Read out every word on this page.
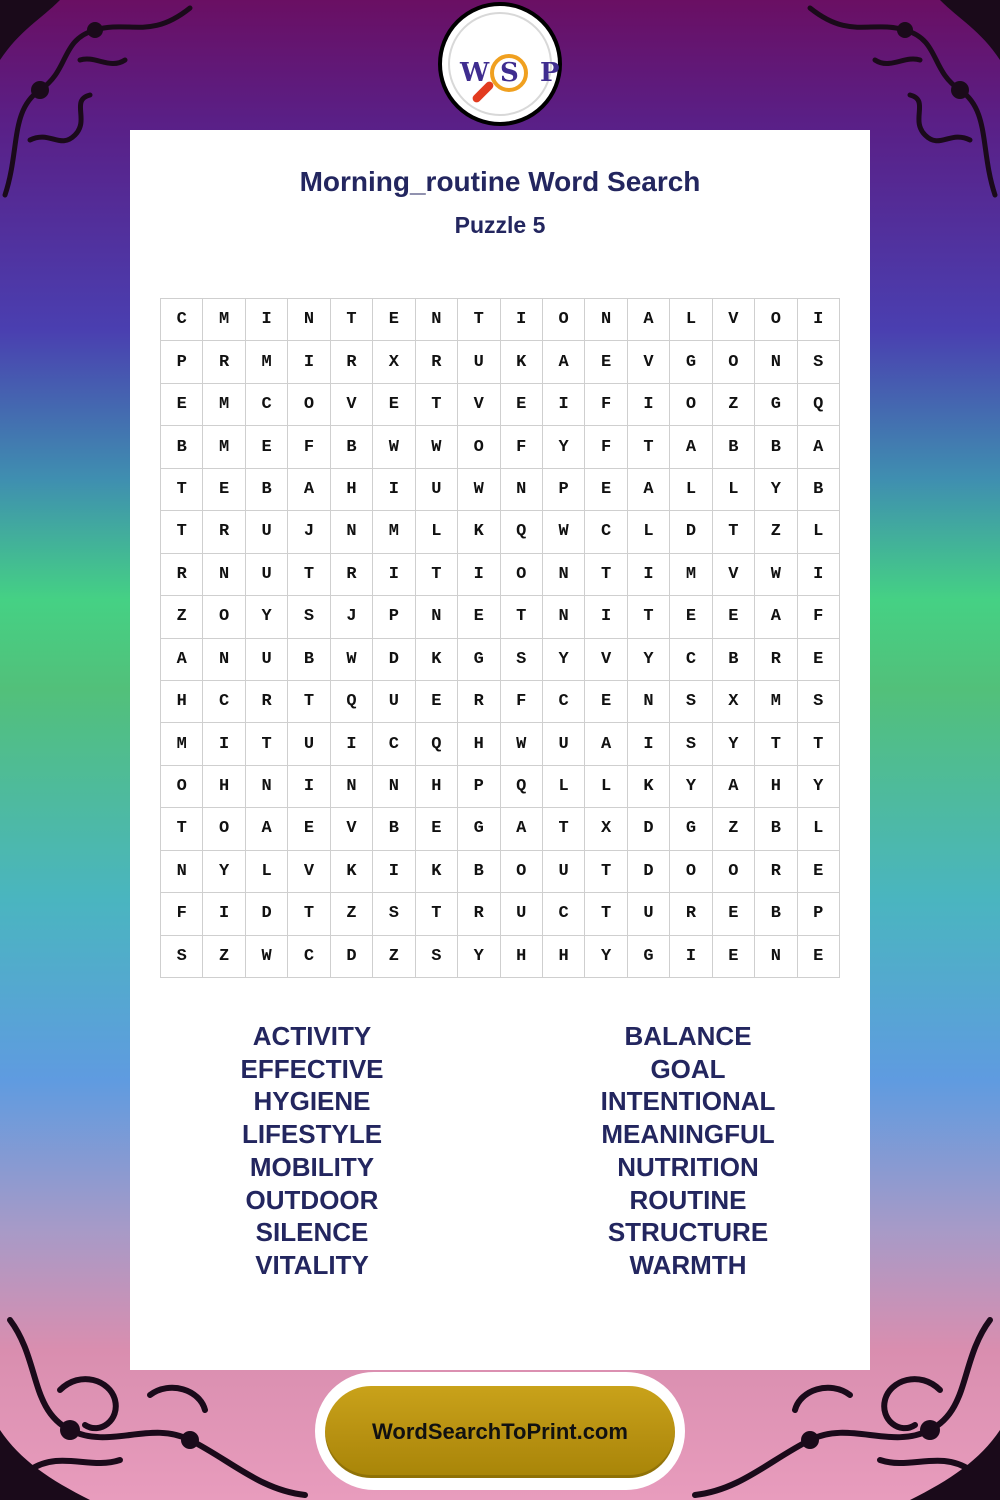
W S P
Morning_routine Word Search
Puzzle 5
C	M	I	N	T	E	N	T	I	O	N	A	L	V	O	I
P	R	M	I	R	X	R	U	K	A	E	V	G	O	N	S
E	M	C	O	V	E	T	V	E	I	F	I	O	Z	G	Q
B	M	E	F	B	W	W	O	F	Y	F	T	A	B	B	A
T	E	B	A	H	I	U	W	N	P	E	A	L	L	Y	B
T	R	U	J	N	M	L	K	Q	W	C	L	D	T	Z	L
R	N	U	T	R	I	T	I	O	N	T	I	M	V	W	I
Z	O	Y	S	J	P	N	E	T	N	I	T	E	E	A	F
A	N	U	B	W	D	K	G	S	Y	V	Y	C	B	R	E
H	C	R	T	Q	U	E	R	F	C	E	N	S	X	M	S
M	I	T	U	I	C	Q	H	W	U	A	I	S	Y	T	T
O	H	N	I	N	N	H	P	Q	L	L	K	Y	A	H	Y
T	O	A	E	V	B	E	G	A	T	X	D	G	Z	B	L
N	Y	L	V	K	I	K	B	O	U	T	D	O	O	R	E
F	I	D	T	Z	S	T	R	U	C	T	U	R	E	B	P
S	Z	W	C	D	Z	S	Y	H	H	Y	G	I	E	N	E
ACTIVITY
EFFECTIVE
HYGIENE
LIFESTYLE
MOBILITY
OUTDOOR
SILENCE
VITALITY
BALANCE
GOAL
INTENTIONAL
MEANINGFUL
NUTRITION
ROUTINE
STRUCTURE
WARMTH
WordSearchToPrint.com
